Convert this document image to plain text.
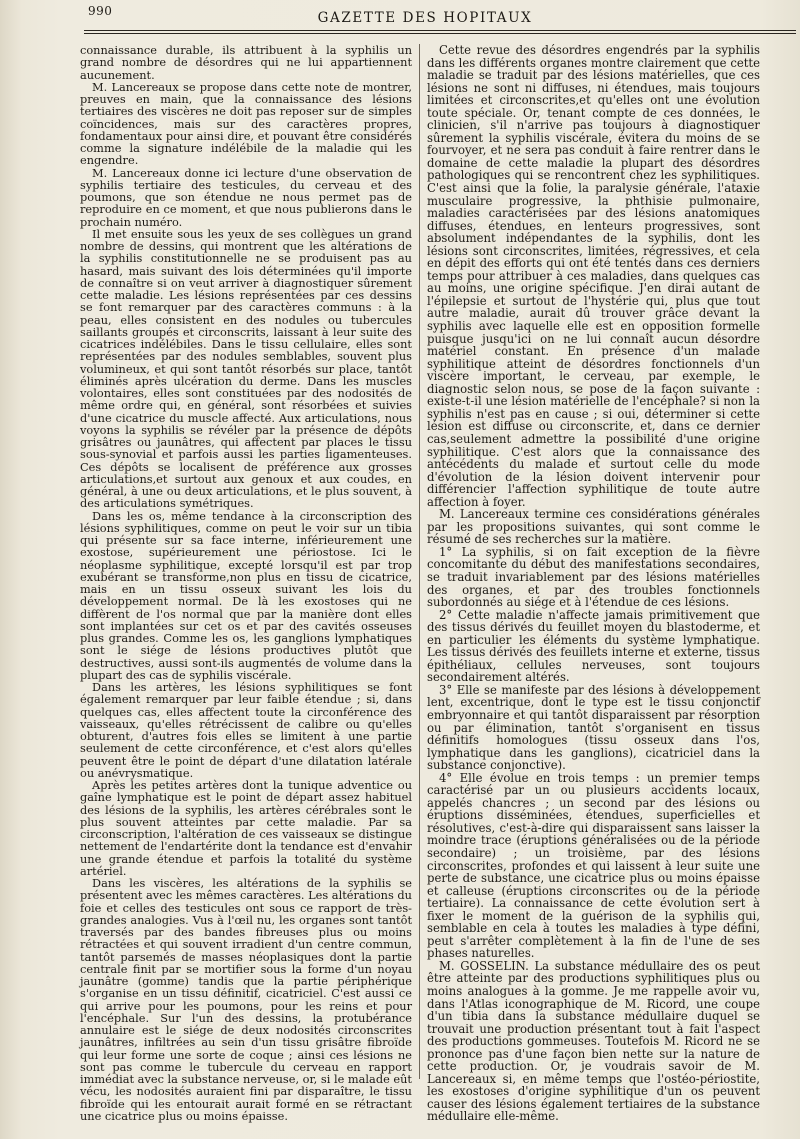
990	GAZETTE DES HOPITAUX

connaissance durable, ils attribuent à la syphilis un grand nombre de désordres qui ne lui appartiennent aucunement.

M. Lancereaux se propose dans cette note de montrer, preuves en main, que la connaissance des lésions tertiaires des viscères ne doit pas reposer sur de simples coïncidences, mais sur des caractères propres, fondamentaux pour ainsi dire, et pouvant être considérés comme la signature indélébile de la maladie qui les engendre.

M. Lancereaux donne ici lecture d'une observation de syphilis tertiaire des testicules, du cerveau et des poumons, que son étendue ne nous permet pas de reproduire en ce moment, et que nous publierons dans le prochain numéro.

Il met ensuite sous les yeux de ses collègues un grand nombre de dessins, qui montrent que les altérations de la syphilis constitutionnelle ne se produisent pas au hasard, mais suivant des lois déterminées qu'il importe de connaître si on veut arriver à diagnostiquer sûrement cette maladie. Les lésions représentées par ces dessins se font remarquer par des caractères communs : à la peau, elles consistent en des nodules ou tubercules saillants groupés et circonscrits, laissant à leur suite des cicatrices indélébiles. Dans le tissu cellulaire, elles sont représentées par des nodules semblables, souvent plus volumineux, et qui sont tantôt résorbés sur place, tantôt éliminés après ulcération du derme. Dans les muscles volontaires, elles sont constituées par des nodosités de même ordre qui, en général, sont résorbées et suivies d'une cicatrice du muscle affecté. Aux articulations, nous voyons la syphilis se révéler par la présence de dépôts grisâtres ou jaunâtres, qui affectent par places le tissu sous-synovial et parfois aussi les parties ligamenteuses. Ces dépôts se localisent de préférence aux grosses articulations,et surtout aux genoux et aux coudes, en général, à une ou deux articulations, et le plus souvent, à des articulations symétriques.

Dans les os, même tendance à la circonscription des lésions syphilitiques, comme on peut le voir sur un tibia qui présente sur sa face interne, inférieurement une exostose, supérieurement une périostose. Ici le néoplasme syphilitique, excepté lorsqu'il est par trop exubérant se transforme,non plus en tissu de cicatrice, mais en un tissu osseux suivant les lois du développement normal. De là les exostoses qui ne diffèrent de l'os normal que par la manière dont elles sont implantées sur cet os et par des cavités osseuses plus grandes. Comme les os, les ganglions lymphatiques sont le siége de lésions productives plutôt que destructives, aussi sont-ils augmentés de volume dans la plupart des cas de syphilis viscérale.

Dans les artères, les lésions syphilitiques se font également remarquer par leur faible étendue ; si, dans quelques cas, elles affectent toute la circonférence des vaisseaux, qu'elles rétrécissent de calibre ou qu'elles obturent, d'autres fois elles se limitent à une partie seulement de cette circonférence, et c'est alors qu'elles peuvent être le point de départ d'une dilatation latérale ou anévrysmatique.

Après les petites artères dont la tunique adventice ou gaîne lymphatique est le point de départ assez habituel des lésions de la syphilis, les artères cérébrales sont le plus souvent atteintes par cette maladie. Par sa circonscription, l'altération de ces vaisseaux se distingue nettement de l'endartérite dont la tendance est d'envahir une grande étendue et parfois la totalité du système artériel.

Dans les viscères, les altérations de la syphilis se présentent avec les mêmes caractères. Les altérations du foie et celles des testicules ont sous ce rapport de très-grandes analogies. Vus à l'œil nu, les organes sont tantôt traversés par des bandes fibreuses plus ou moins rétractées et qui souvent irradient d'un centre commun, tantôt parsemés de masses néoplasiques dont la partie centrale finit par se mortifier sous la forme d'un noyau jaunâtre (gomme) tandis que la partie périphérique s'organise en un tissu définitif, cicatriciel. C'est aussi ce qui arrive pour les poumons, pour les reins et pour l'encéphale. Sur l'un des dessins, la protubérance annulaire est le siége de deux nodosités circonscrites jaunâtres, infiltrées au sein d'un tissu grisâtre fibroïde qui leur forme une sorte de coque ; ainsi ces lésions ne sont pas comme le tubercule du cerveau en rapport immédiat avec la substance nerveuse, or, si le malade eût vécu, les nodosités auraient fini par disparaître, le tissu fibroïde qui les entourait aurait formé en se rétractant une cicatrice plus ou moins épaisse.

Cette revue des désordres engendrés par la syphilis dans les différents organes montre clairement que cette maladie se traduit par des lésions matérielles, que ces lésions ne sont ni diffuses, ni étendues, mais toujours limitées et circonscrites,et qu'elles ont une évolution toute spéciale. Or, tenant compte de ces données, le clinicien, s'il n'arrive pas toujours à diagnostiquer sûrement la syphilis viscérale, évitera du moins de se fourvoyer, et ne sera pas conduit à faire rentrer dans le domaine de cette maladie la plupart des désordres pathologiques qui se rencontrent chez les syphilitiques. C'est ainsi que la folie, la paralysie générale, l'ataxie musculaire progressive, la phthisie pulmonaire, maladies caractérisées par des lésions anatomiques diffuses, étendues, en lenteurs progressives, sont absolument indépendantes de la syphilis, dont les lésions sont circonscrites, limitées, régressives, et cela en dépit des efforts qui ont été tentés dans ces derniers temps pour attribuer à ces maladies, dans quelques cas au moins, une origine spécifique. J'en dirai autant de l'épilepsie et surtout de l'hystérie qui, plus que tout autre maladie, aurait dû trouver grâce devant la syphilis avec laquelle elle est en opposition formelle puisque jusqu'ici on ne lui connaît aucun désordre matériel constant. En présence d'un malade syphilitique atteint de désordres fonctionnels d'un viscère important, le cerveau, par exemple, le diagnostic selon nous, se pose de la façon suivante : existe-t-il une lésion matérielle de l'encéphale? si non la syphilis n'est pas en cause ; si oui, déterminer si cette lésion est diffuse ou circonscrite, et, dans ce dernier cas,seulement admettre la possibilité d'une origine syphilitique. C'est alors que la connaissance des antécédents du malade et surtout celle du mode d'évolution de la lésion doivent intervenir pour différencier l'affection syphilitique de toute autre affection à foyer.

M. Lancereaux termine ces considérations générales par les propositions suivantes, qui sont comme le résumé de ses recherches sur la matière.

1° La syphilis, si on fait exception de la fièvre concomitante du début des manifestations secondaires, se traduit invariablement par des lésions matérielles des organes, et par des troubles fonctionnels subordonnés au siége et à l'étendue de ces lésions.

2° Cette maladie n'affecte jamais primitivement que des tissus dérivés du feuillet moyen du blastoderme, et en particulier les éléments du système lymphatique. Les tissus dérivés des feuillets interne et externe, tissus épithéliaux, cellules nerveuses, sont toujours secondairement altérés.

3° Elle se manifeste par des lésions à développement lent, excentrique, dont le type est le tissu conjonctif embryonnaire et qui tantôt disparaissent par résorption ou par élimination, tantôt s'organisent en tissus définitifs homologues (tissu osseux dans l'os, lymphatique dans les ganglions), cicatriciel dans la substance conjonctive).

4° Elle évolue en trois temps : un premier temps caractérisé par un ou plusieurs accidents locaux, appelés chancres ; un second par des lésions ou éruptions disséminées, étendues, superficielles et résolutives, c'est-à-dire qui disparaissent sans laisser la moindre trace (éruptions généralisées ou de la période secondaire) ; un troisième, par des lésions circonscrites, profondes et qui laissent à leur suite une perte de substance, une cicatrice plus ou moins épaisse et calleuse (éruptions circonscrites ou de la période tertiaire). La connaissance de cette évolution sert à fixer le moment de la guérison de la syphilis qui, semblable en cela à toutes les maladies à type défini, peut s'arrêter complètement à la fin de l'une de ses phases naturelles.

M. GOSSELIN. La substance médullaire des os peut être atteinte par des productions syphilitiques plus ou moins analogues à la gomme. Je me rappelle avoir vu, dans l'Atlas iconographique de M. Ricord, une coupe d'un tibia dans la substance médullaire duquel se trouvait une production présentant tout à fait l'aspect des productions gommeuses. Toutefois M. Ricord ne se prononce pas d'une façon bien nette sur la nature de cette production. Or, je voudrais savoir de M. Lancereaux si, en même temps que l'ostéo-périostite, les exostoses d'origine syphilitique d'un os peuvent causer des lésions également tertiaires de la substance médullaire elle-même.
